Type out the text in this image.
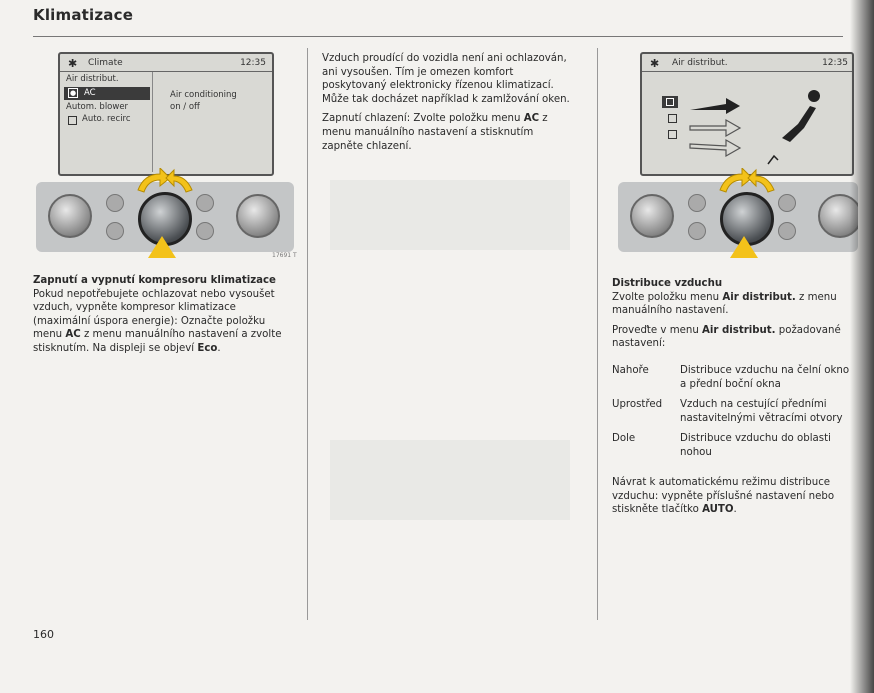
Klimatizace
✱ Climate	12:35
Air distribut.
● AC
Autom. blower
Auto. recirc
Air conditioning
on / off
17691 T
Zapnutí a vypnutí kompresoru klimatizace

Pokud nepotřebujete ochlazovat nebo vysoušet vzduch, vypněte kompresor klimatizace (maximální úspora energie): Označte položku menu AC z menu manuálního nastavení a zvolte stisknutím. Na displeji se objeví Eco.

Vzduch proudící do vozidla není ani ochlazován, ani vysoušen. Tím je omezen komfort poskytovaný elektronicky řízenou klimatizací. Může tak docházet například k zamlžování oken.

Zapnutí chlazení: Zvolte položku menu AC z menu manuálního nastavení a stisknutím zapněte chlazení.

✱ Air distribut.	12:35
Distribuce vzduchu

Zvolte položku menu Air distribut. z menu manuálního nastavení.

Proveďte v menu Air distribut. požadované nastavení:

Nahoře	Distribuce vzduchu na čelní okno a přední boční okna
Uprostřed	Vzduch na cestující předními nastavitelnými větracími otvory
Dole	Distribuce vzduchu do oblasti nohou

Návrat k automatickému režimu distribuce vzduchu: vypněte příslušné nastavení nebo stiskněte tlačítko AUTO.

160
